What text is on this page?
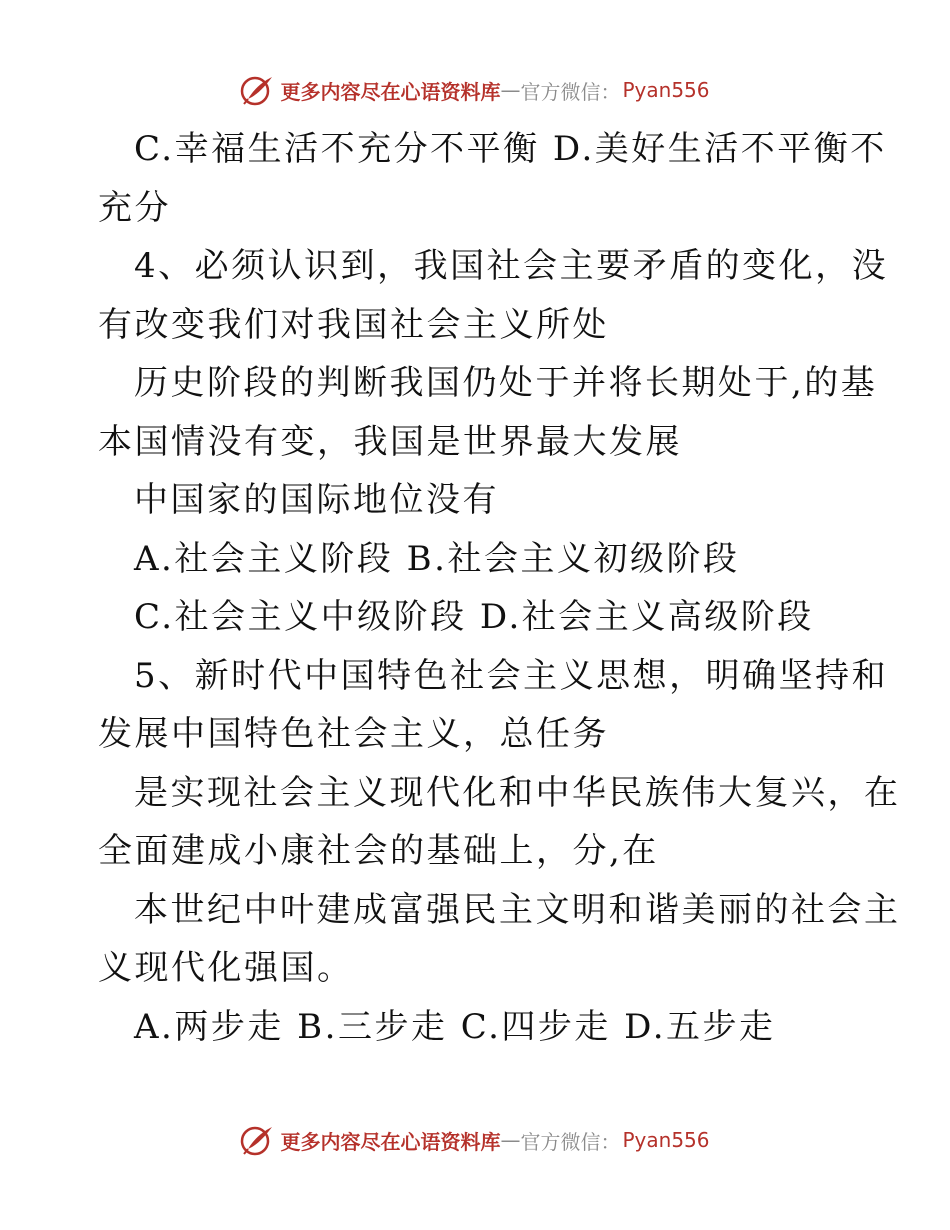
更多内容尽在心语资料库 — 官方微信： Pyan556
C.幸福生活不充分不平衡 D.美好生活不平衡不
充分
4、必须认识到，我国社会主要矛盾的变化，没
有改变我们对我国社会主义所处
历史阶段的判断我国仍处于并将长期处于,的基
本国情没有变，我国是世界最大发展
中国家的国际地位没有
A.社会主义阶段 B.社会主义初级阶段
C.社会主义中级阶段 D.社会主义高级阶段
5、新时代中国特色社会主义思想，明确坚持和
发展中国特色社会主义，总任务
是实现社会主义现代化和中华民族伟大复兴，在
全面建成小康社会的基础上，分,在
本世纪中叶建成富强民主文明和谐美丽的社会主
义现代化强国。
A.两步走 B.三步走 C.四步走 D.五步走
更多内容尽在心语资料库 — 官方微信： Pyan556
